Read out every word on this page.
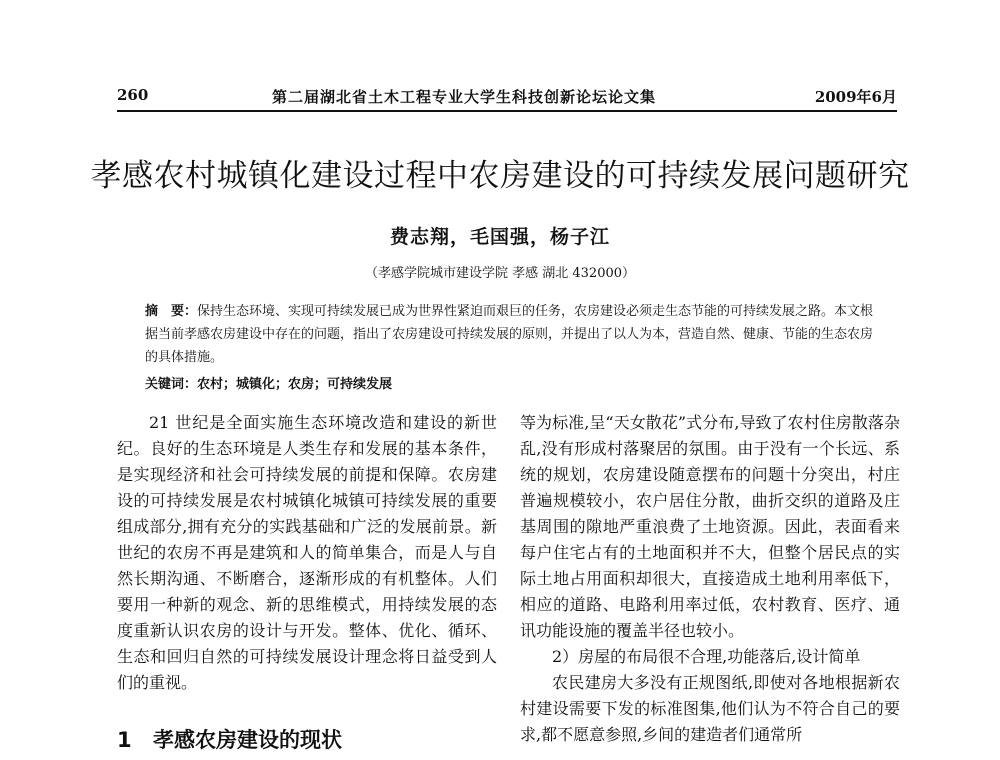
260	第二届湖北省土木工程专业大学生科技创新论坛论文集	2009年6月
孝感农村城镇化建设过程中农房建设的可持续发展问题研究
费志翔，毛国强，杨子江
（孝感学院城市建设学院 孝感 湖北 432000）
摘　要：保持生态环境、实现可持续发展已成为世界性紧迫而艰巨的任务，农房建设必须走生态节能的可持续发展之路。本文根据当前孝感农房建设中存在的问题，指出了农房建设可持续发展的原则，并提出了以人为本，营造自然、健康、节能的生态农房的具体措施。
关键词：农村；城镇化；农房；可持续发展

21 世纪是全面实施生态环境改造和建设的新世纪。良好的生态环境是人类生存和发展的基本条件，是实现经济和社会可持续发展的前提和保障。农房建设的可持续发展是农村城镇化城镇可持续发展的重要组成部分,拥有充分的实践基础和广泛的发展前景。新世纪的农房不再是建筑和人的简单集合，而是人与自然长期沟通、不断磨合，逐渐形成的有机整体。人们要用一种新的观念、新的思维模式，用持续发展的态度重新认识农房的设计与开发。整体、优化、循环、生态和回归自然的可持续发展设计理念将日益受到人们的重视。

等为标准,呈“天女散花”式分布,导致了农村住房散落杂乱,没有形成村落聚居的氛围。由于没有一个长远、系统的规划，农房建设随意摆布的问题十分突出，村庄普遍规模较小，农户居住分散，曲折交织的道路及庄基周围的隙地严重浪费了土地资源。因此，表面看来每户住宅占有的土地面积并不大，但整个居民点的实际土地占用面积却很大，直接造成土地利用率低下，相应的道路、电路利用率过低，农村教育、医疗、通讯功能设施的覆盖半径也较小。

2）房屋的布局很不合理,功能落后,设计简单

农民建房大多没有正规图纸,即使对各地根据新农村建设需要下发的标准图集,他们认为不符合自己的要求,都不愿意参照,乡间的建造者们通常所

1 孝感农房建设的现状
